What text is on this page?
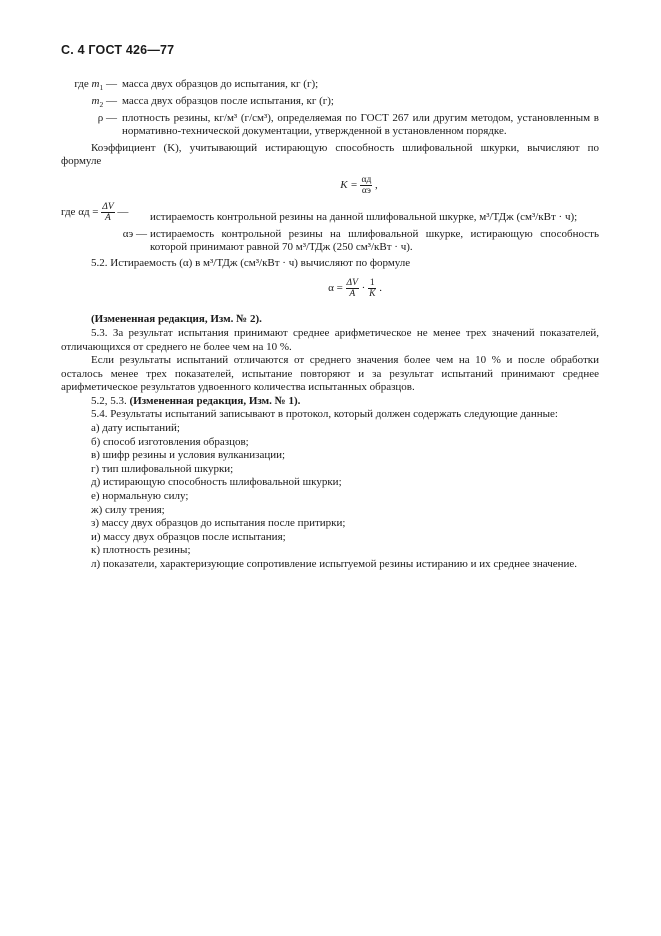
С. 4 ГОСТ 426—77
где $m_1$ — масса двух образцов до испытания, кг (г);
$m_2$ — масса двух образцов после испытания, кг (г);
ρ — плотность резины, кг/м³ (г/см³), определяемая по ГОСТ 267 или другим методом, установленным в нормативно-технической документации, утвержденной в установленном порядке.

Коэффициент (K), учитывающий истирающую способность шлифовальной шкурки, вычисляют по формуле

$K = \frac{\alpha д}{\alpha э}$ ,
где $\alpha д = \frac{\Delta V}{A}$ —	истираемость контрольной резины на данной шлифовальной шкурке, м³/ТДж (см³/кВт · ч);
αэ — истираемость контрольной резины на шлифовальной шкурке, истирающую способность которой принимают равной 70 м³/ТДж (250 см³/кВт · ч).

5.2. Истираемость (α) в м³/ТДж (см³/кВт · ч) вычисляют по формуле

$\alpha = \frac{\Delta V}{A} \cdot \frac{1}{K}$ .

(Измененная редакция, Изм. № 2).

5.3. За результат испытания принимают среднее арифметическое не менее трех значений показателей, отличающихся от среднего не более чем на 10 %.

Если результаты испытаний отличаются от среднего значения более чем на 10 % и после обработки осталось менее трех показателей, испытание повторяют и за результат испытаний принимают среднее арифметическое результатов удвоенного количества испытанных образцов.

5.2, 5.3. (Измененная редакция, Изм. № 1).

5.4. Результаты испытаний записывают в протокол, который должен содержать следующие данные:

а) дату испытаний;

б) способ изготовления образцов;

в) шифр резины и условия вулканизации;

г) тип шлифовальной шкурки;

д) истирающую способность шлифовальной шкурки;

е) нормальную силу;

ж) силу трения;

з) массу двух образцов до испытания после притирки;

и) массу двух образцов после испытания;

к) плотность резины;

л) показатели, характеризующие сопротивление испытуемой резины истиранию и их среднее значение.
